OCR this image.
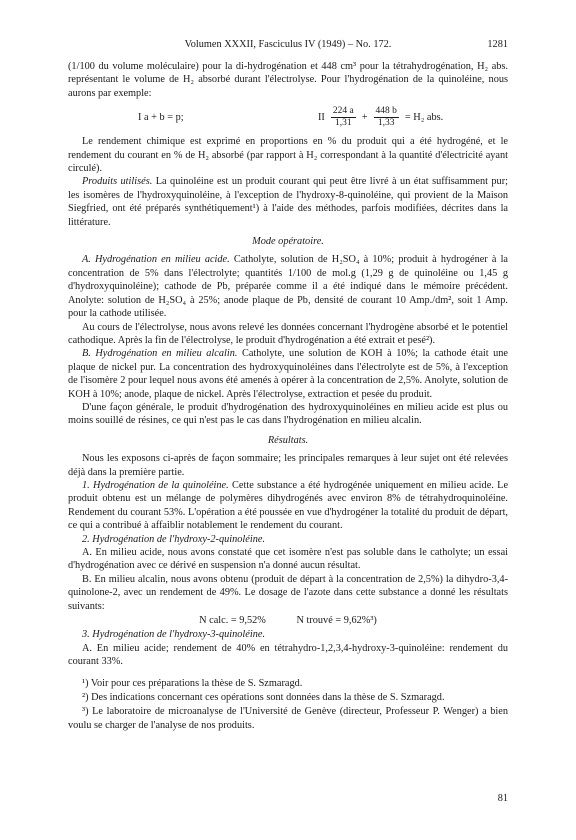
Volumen XXXII, Fasciculus IV (1949) – No. 172.	1281

(1/100 du volume moléculaire) pour la di-hydrogénation et 448 cm³ pour la tétrahydrogénation, H₂ abs. représentant le volume de H₂ absorbé durant l'électrolyse. Pour l'hydrogénation de la quinoléine, nous aurons par exemple:

I a + b = p;	II $\frac{224 a}{1,31} + \frac{448 b}{1,33} = H_2$ abs.

Le rendement chimique est exprimé en proportions en % du produit qui a été hydrogéné, et le rendement du courant en % de H₂ absorbé (par rapport à H₂ correspondant à la quantité d'électricité ayant circulé).

Produits utilisés. La quinoléine est un produit courant qui peut être livré à un état suffisamment pur; les isomères de l'hydroxyquinoléine, à l'exception de l'hydroxy-8-quinoléine, qui provient de la Maison Siegfried, ont été préparés synthétiquement¹) à l'aide des méthodes, parfois modifiées, décrites dans la littérature.

Mode opératoire.

A. Hydrogénation en milieu acide. Catholyte, solution de H₂SO₄ à 10%; produit à hydrogéner à la concentration de 5% dans l'électrolyte; quantités 1/100 de mol.g (1,29 g de quinoléine ou 1,45 g d'hydroxyquinoléine); cathode de Pb, préparée comme il a été indiqué dans le mémoire précédent. Anolyte: solution de H₂SO₄ à 25%; anode plaque de Pb, densité de courant 10 Amp./dm², soit 1 Amp. pour la cathode utilisée.

Au cours de l'électrolyse, nous avons relevé les données concernant l'hydrogène absorbé et le potentiel cathodique. Après la fin de l'électrolyse, le produit d'hydrogénation a été extrait et pesé²).

B. Hydrogénation en milieu alcalin. Catholyte, une solution de KOH à 10%; la cathode était une plaque de nickel pur. La concentration des hydroxyquinoléines dans l'électrolyte est de 5%, à l'exception de l'isomère 2 pour lequel nous avons été amenés à opérer à la concentration de 2,5%. Anolyte, solution de KOH à 10%; anode, plaque de nickel. Après l'électrolyse, extraction et pesée du produit.

D'une façon générale, le produit d'hydrogénation des hydroxyquinoléines en milieu acide est plus ou moins souillé de résines, ce qui n'est pas le cas dans l'hydrogénation en milieu alcalin.

Résultats.

Nous les exposons ci-après de façon sommaire; les principales remarques à leur sujet ont été relevées déjà dans la première partie.

1. Hydrogénation de la quinoléine. Cette substance a été hydrogénée uniquement en milieu acide. Le produit obtenu est un mélange de polymères dihydrogénés avec environ 8% de tétrahydroquinoléine. Rendement du courant 53%. L'opération a été poussée en vue d'hydrogéner la totalité du produit de départ, ce qui a contribué à affaiblir notablement le rendement du courant.

2. Hydrogénation de l'hydroxy-2-quinoléine.

A. En milieu acide, nous avons constaté que cet isomère n'est pas soluble dans le catholyte; un essai d'hydrogénation avec ce dérivé en suspension n'a donné aucun résultat.

B. En milieu alcalin, nous avons obtenu (produit de départ à la concentration de 2,5%) la dihydro-3,4-quinolone-2, avec un rendement de 49%. Le dosage de l'azote dans cette substance a donné les résultats suivants:

N calc. = 9,52%	N trouvé = 9,62%³)

3. Hydrogénation de l'hydroxy-3-quinoléine.

A. En milieu acide; rendement de 40% en tétrahydro-1,2,3,4-hydroxy-3-quinoléine: rendement du courant 33%.

¹) Voir pour ces préparations la thèse de S. Szmaragd.

²) Des indications concernant ces opérations sont données dans la thèse de S. Szmaragd.

³) Le laboratoire de microanalyse de l'Université de Genève (directeur, Professeur P. Wenger) a bien voulu se charger de l'analyse de nos produits.

81
